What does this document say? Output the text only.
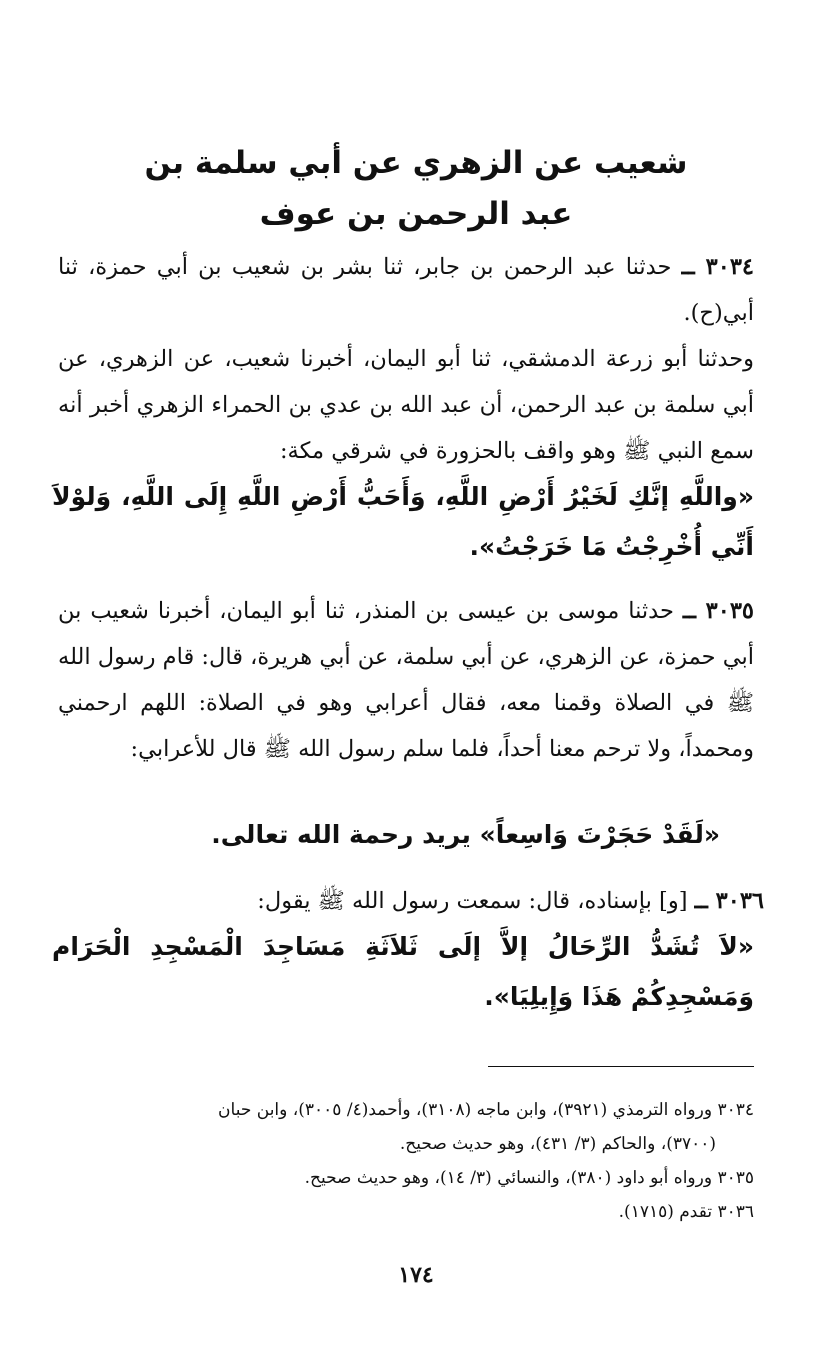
شعيب عن الزهري عن أبي سلمة بن
عبد الرحمن بن عوف
٣٠٣٤ ــ حدثنا عبد الرحمن بن جابر، ثنا بشر بن شعيب بن أبي حمزة، ثنا أبي(ح).
وحدثنا أبو زرعة الدمشقي، ثنا أبو اليمان، أخبرنا شعيب، عن الزهري، عن أبي سلمة بن عبد الرحمن، أن عبد الله بن عدي بن الحمراء الزهري أخبر أنه سمع النبي ﷺ وهو واقف بالحزورة في شرقي مكة:
«واللَّهِ إنَّكِ لَخَيْرُ أَرْضِ اللَّهِ، وَأَحَبُّ أَرْضِ اللَّهِ إِلَى اللَّهِ، وَلوْلاَ أَنِّي أُخْرِجْتُ مَا خَرَجْتُ».
٣٠٣٥ ــ حدثنا موسى بن عيسى بن المنذر، ثنا أبو اليمان، أخبرنا شعيب بن أبي حمزة، عن الزهري، عن أبي سلمة، عن أبي هريرة، قال: قام رسول الله ﷺ في الصلاة وقمنا معه، فقال أعرابي وهو في الصلاة: اللهم ارحمني ومحمداً، ولا ترحم معنا أحداً، فلما سلم رسول الله ﷺ قال للأعرابي:
«لَقَدْ حَجَرْتَ وَاسِعاً» يريد رحمة الله تعالى.
٣٠٣٦ ــ [و] بإسناده، قال: سمعت رسول الله ﷺ يقول:
«لاَ تُشَدُّ الرِّحَالُ إلاَّ إلَى ثَلاَثَةِ مَسَاجِدَ الْمَسْجِدِ الْحَرَام وَمَسْجِدِكُمْ هَذَا وَإِيلِيَا».
٣٠٣٤ ورواه الترمذي (٣٩٢١)، وابن ماجه (٣١٠٨)، وأحمد(٤/ ٣٠٠٥)، وابن حبان
(٣٧٠٠)، والحاكم (٣/ ٤٣١)، وهو حديث صحيح.
٣٠٣٥ ورواه أبو داود (٣٨٠)، والنسائي (٣/ ١٤)، وهو حديث صحيح.
٣٠٣٦ تقدم (١٧١٥).
١٧٤
